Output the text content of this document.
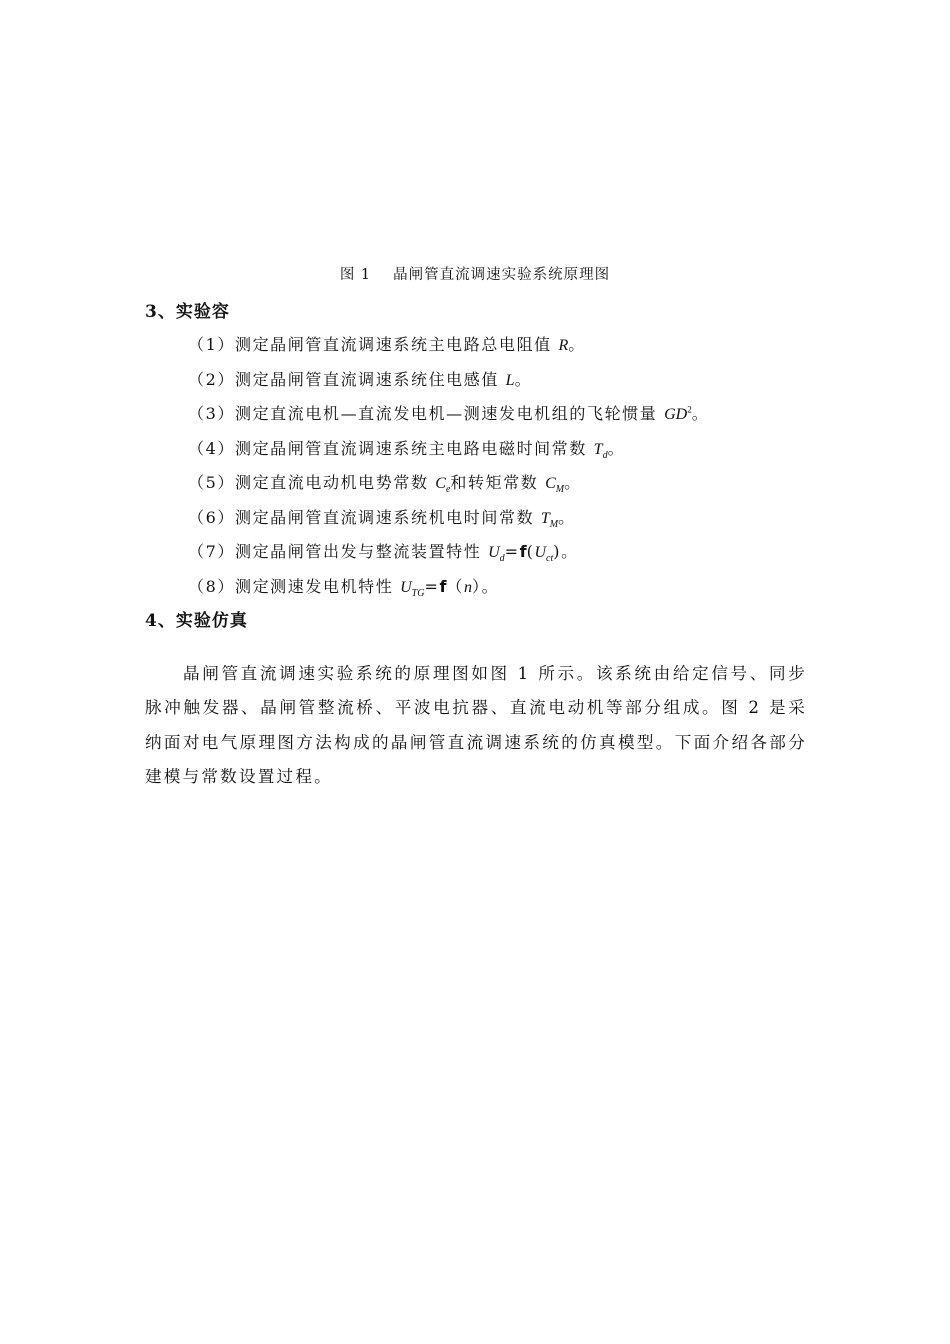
图 1 晶闸管直流调速实验系统原理图
3、实验容
（1）测定晶闸管直流调速系统主电路总电阻值 R。
（2）测定晶闸管直流调速系统住电感值 L。
（3）测定直流电机—直流发电机—测速发电机组的飞轮惯量 $GD^2$。
（4）测定晶闸管直流调速系统主电路电磁时间常数 $T_d$。
（5）测定直流电动机电势常数 $C_e$和转矩常数 $C_M$。
（6）测定晶闸管直流调速系统机电时间常数 $T_M$。
（7）测定晶闸管出发与整流装置特性 $U_d=f(U_{ct})$。
（8）测定测速发电机特性 $U_{TG}=f(n)$。
4、实验仿真

晶闸管直流调速实验系统的原理图如图 1 所示。该系统由给定信号、同步脉冲触发器、晶闸管整流桥、平波电抗器、直流电动机等部分组成。图 2 是采纳面对电气原理图方法构成的晶闸管直流调速系统的仿真模型。下面介绍各部分建模与常数设置过程。
